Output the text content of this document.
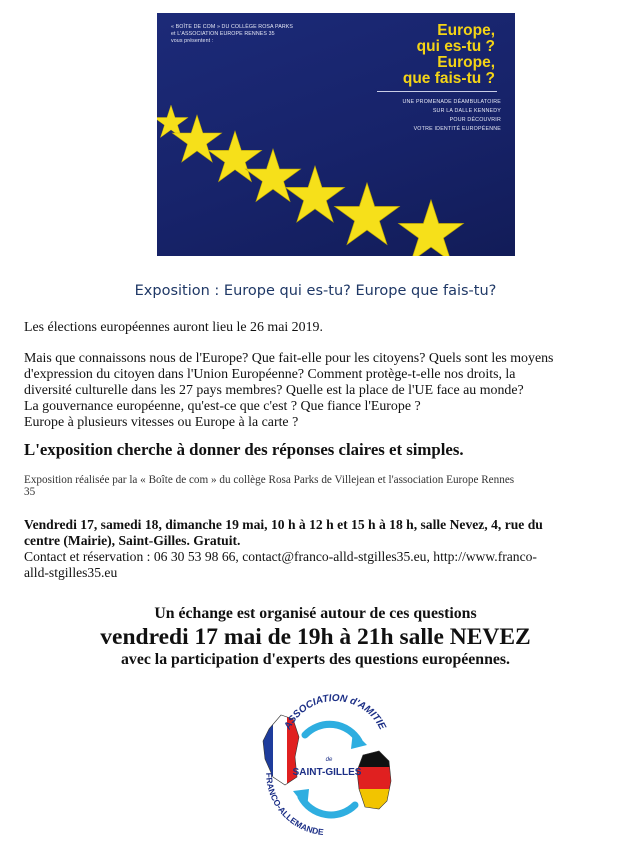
« BOÎTE DE COM » DU COLLÈGE ROSA PARKS
et L'ASSOCIATION EUROPE RENNES 35
vous présentent :
Europe,
qui es-tu ?
Europe,
que fais-tu ?
UNE PROMENADE DÉAMBULATOIRE
SUR LA DALLE KENNEDY
POUR DÉCOUVRIR
VOTRE IDENTITÉ EUROPÉENNE
Exposition : Europe qui es-tu? Europe que fais-tu?

Les élections européennes auront lieu le 26 mai 2019.

Mais que connaissons nous de l'Europe? Que fait-elle pour les citoyens? Quels sont les moyens
d'expression du citoyen dans l'Union Européenne? Comment protège-t-elle nos droits, la
diversité culturelle dans les 27 pays membres? Quelle est la place de l'UE face au monde?
La gouvernance européenne, qu'est-ce que c'est ? Que fiance l'Europe ?
Europe à plusieurs vitesses ou Europe à la carte ?
L'exposition cherche à donner des réponses claires et simples.
Exposition réalisée par la « Boîte de com » du collège Rosa Parks de Villejean et l'association Europe Rennes
35
Vendredi 17, samedi 18, dimanche 19 mai, 10 h à 12 h et 15 h à 18 h, salle Nevez, 4, rue du
centre (Mairie), Saint-Gilles. Gratuit.
Contact et réservation : 06 30 53 98 66, contact@franco-alld-stgilles35.eu, http://www.franco-
alld-stgilles35.eu
Un échange est organisé autour de ces questions
vendredi 17 mai de 19h à 21h salle NEVEZ
avec la participation d'experts des questions européennes.
ASSOCIATION d'AMITIE
FRANCO-ALLEMANDE
de
SAINT-GILLES
